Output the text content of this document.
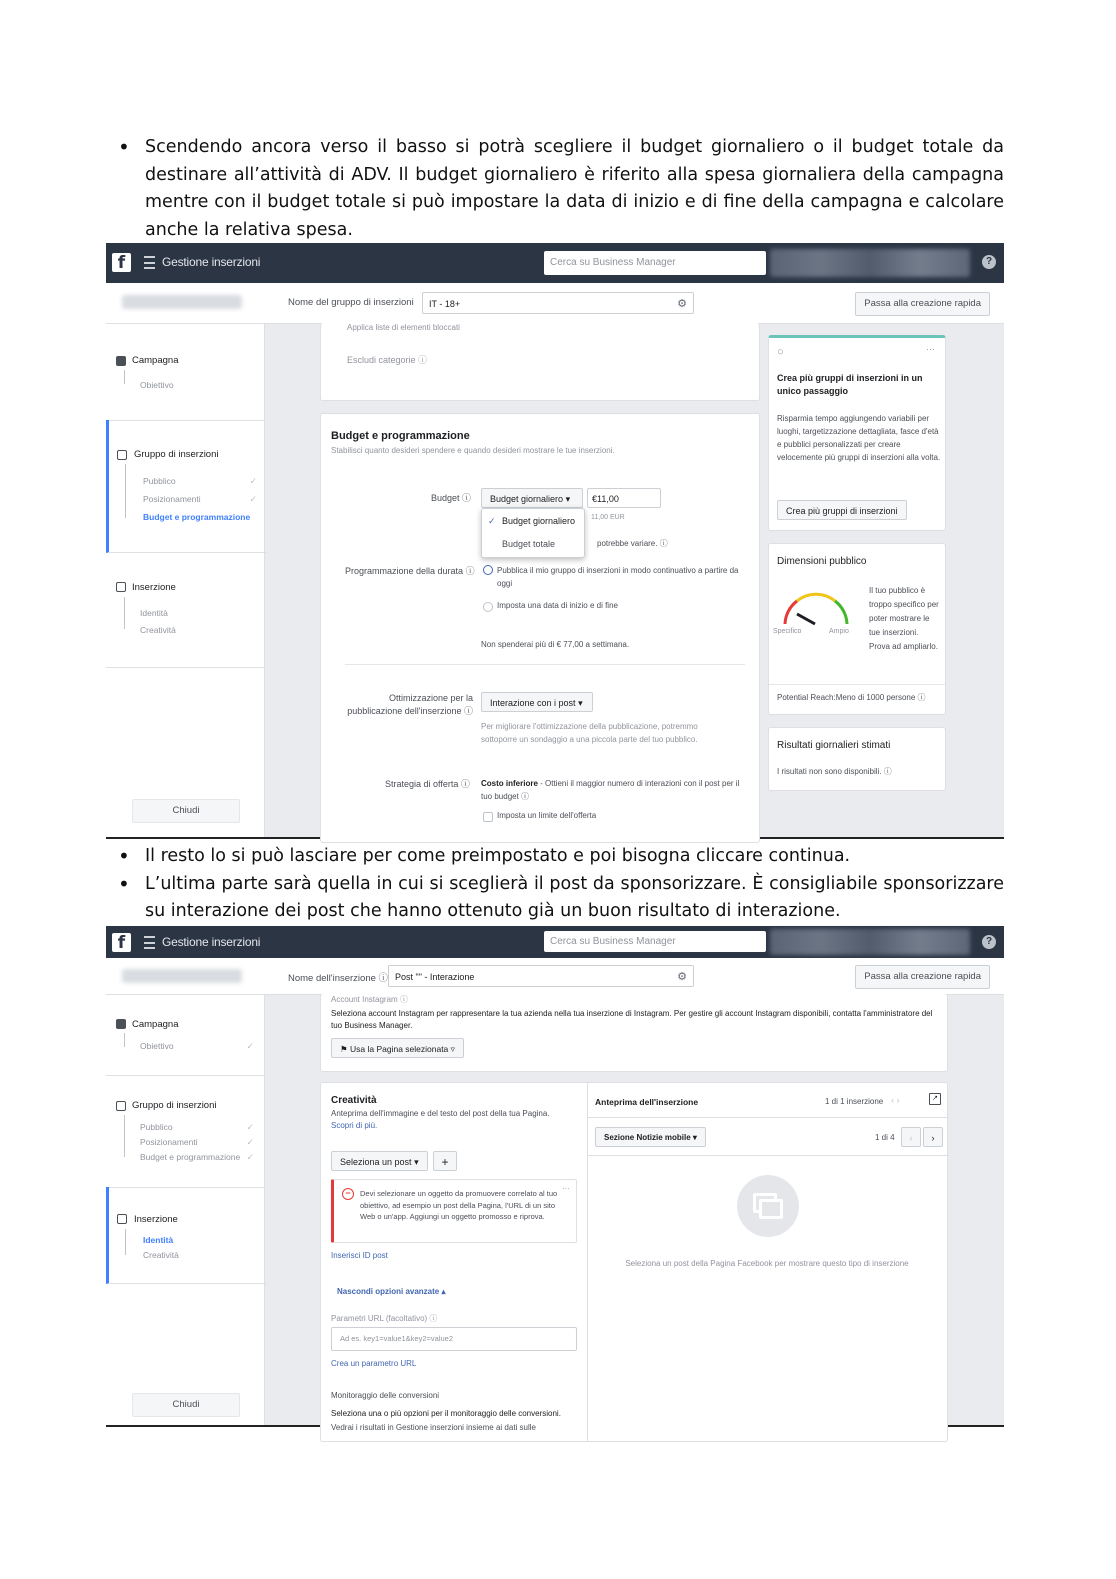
• Scendendo ancora verso il basso si potrà scegliere il budget giornaliero o il budget totale da destinare all’attività di ADV. Il budget giornaliero è riferito alla spesa giornaliera della campagna mentre con il budget totale si può impostare la data di inizio e di fine della campagna e calcolare anche la relativa spesa.
f	Gestione inserzioni	Cerca su Business Manager	?
Nome del gruppo di inserzioni	IT - 18+	⚙	Passa alla creazione rapida
Campagna
Obiettivo
Gruppo di inserzioni
Pubblico	✓
Posizionamenti	✓
Budget e programmazione
Inserzione
Identità
Creatività
Chiudi
Applica liste di elementi bloccati
Escludi categorie ⓘ
Budget e programmazione
Stabilisci quanto desideri spendere e quando desideri mostrare le tue inserzioni.
Budget ⓘ	Budget giornaliero ▾	€11,00
11,00 EUR
potrebbe variare. ⓘ
✓ Budget giornaliero
Budget totale
Programmazione della durata ⓘ	Pubblica il mio gruppo di inserzioni in modo continuativo a partire da oggi
Imposta una data di inizio e di fine
Non spenderai più di € 77,00 a settimana.
Ottimizzazione per la
pubblicazione dell'inserzione ⓘ
Interazione con i post ▾
Per migliorare l'ottimizzazione della pubblicazione, potremmo sottoporre un sondaggio a una piccola parte del tuo pubblico.
Strategia di offerta ⓘ Costo inferiore - Ottieni il maggior numero di interazioni con il post per il tuo budget ⓘ
Imposta un limite dell'offerta
○	···
Crea più gruppi di inserzioni in un unico passaggio
Risparmia tempo aggiungendo variabili per luoghi, targetizzazione dettagliata, fasce d'età e pubblici personalizzati per creare velocemente più gruppi di inserzioni alla volta.
Crea più gruppi di inserzioni
Dimensioni pubblico
Specifico	Ampio
Il tuo pubblico è troppo specifico per poter mostrare le tue inserzioni. Prova ad ampliarlo.
Potential Reach:Meno di 1000 persone ⓘ
Risultati giornalieri stimati
I risultati non sono disponibili. ⓘ
• Il resto lo si può lasciare per come preimpostato e poi bisogna cliccare continua.
• L’ultima parte sarà quella in cui si sceglierà il post da sponsorizzare. È consigliabile sponsorizzare su interazione dei post che hanno ottenuto già un buon risultato di interazione.
f	Gestione inserzioni	Cerca su Business Manager	?
Nome dell'inserzione ⓘ Post "" - Interazione	⚙	Passa alla creazione rapida
Campagna
Obiettivo	✓
Gruppo di inserzioni
Pubblico	✓
Posizionamenti	✓
Budget e programmazione ✓
Inserzione
Identità
Creatività
Chiudi
Account Instagram ⓘ
Seleziona account Instagram per rappresentare la tua azienda nella tua inserzione di Instagram. Per gestire gli account Instagram disponibili, contatta l'amministratore del tuo Business Manager.
⚑ Usa la Pagina selezionata ▿
Creatività
Anteprima dell'immagine e del testo del post della tua Pagina.
Scopri di più.
Seleziona un post ▾	+
−	Devi selezionare un oggetto da promuovere correlato al tuo obiettivo, ad esempio un post della Pagina, l'URL di un sito Web o un'app. Aggiungi un oggetto promosso e riprova.
···
Inserisci ID post
Nascondi opzioni avanzate ▴
Parametri URL (facoltativo) ⓘ
Ad es. key1=value1&key2=value2
Crea un parametro URL
Monitoraggio delle conversioni
Seleziona una o più opzioni per il monitoraggio delle conversioni.
Vedrai i risultati in Gestione inserzioni insieme ai dati sulle
Anteprima dell'inserzione	1 di 1 inserzione ‹ ›	↗
Sezione Notizie mobile ▾	1 di 4	‹	›
Seleziona un post della Pagina Facebook per mostrare questo tipo di inserzione
